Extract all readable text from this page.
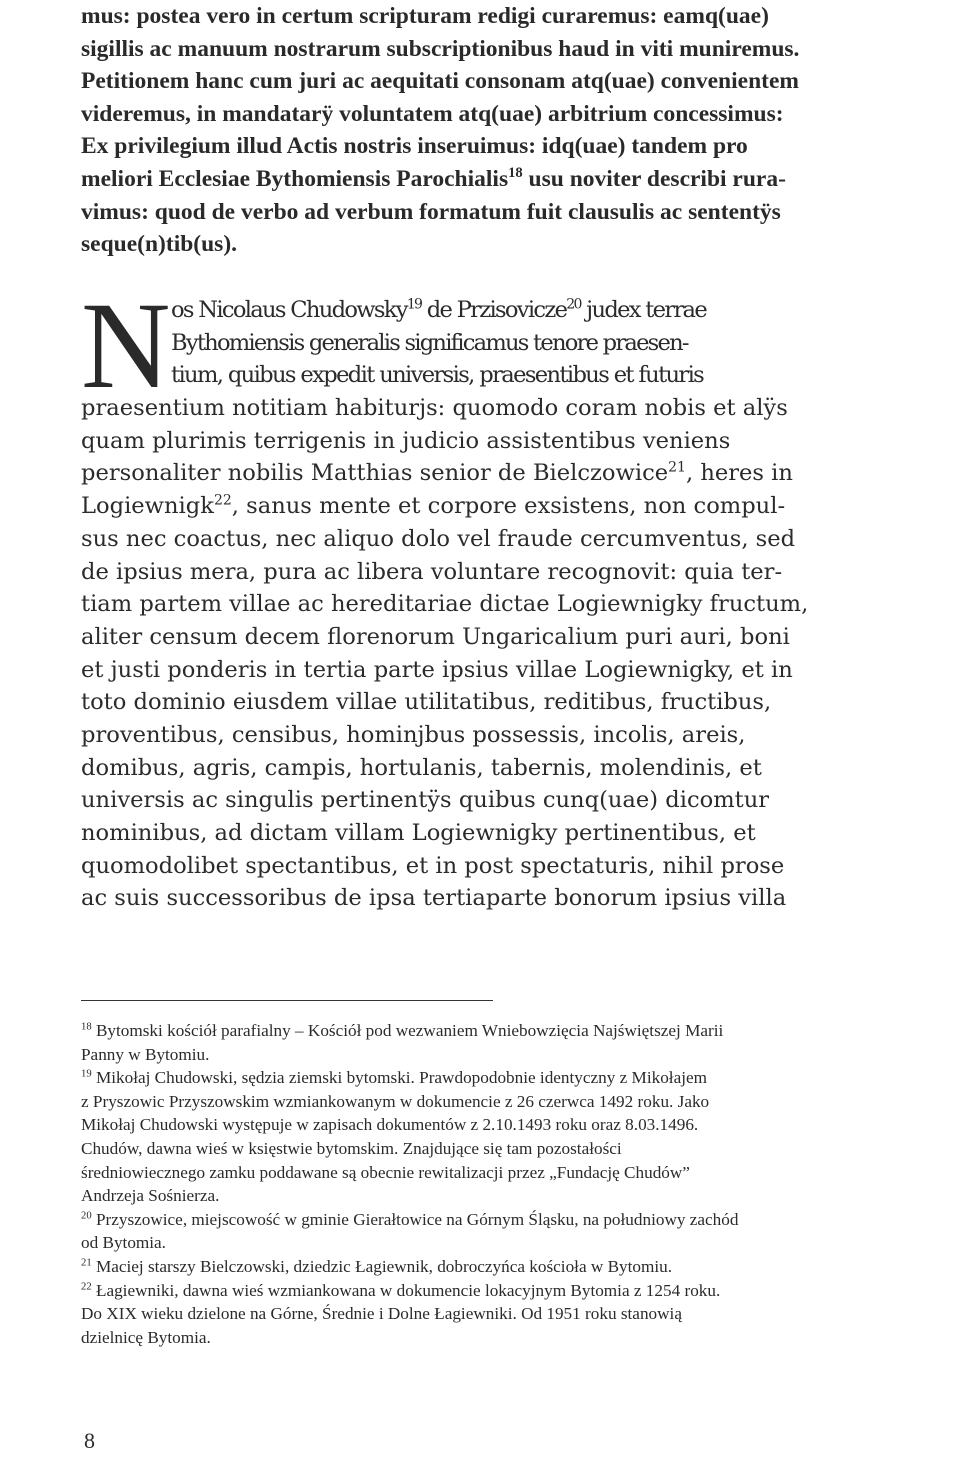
mus: postea vero in certum scripturam redigi curaremus: eamq(uae)
sigillis ac manuum nostrarum subscriptionibus haud in viti muniremus.
Petitionem hanc cum juri ac aequitati consonam atq(uae) convenientem
videremus, in mandatarÿ voluntatem atq(uae) arbitrium concessimus:
Ex privilegium illud Actis nostris inseruimus: idq(uae) tandem pro
meliori Ecclesiae Bythomiensis Parochialis$^{18}$ usu noviter describi rura-
vimus: quod de verbo ad verbum formatum fuit clausulis ac sententÿs
seque(n)tib(us).
N os Nicolaus Chudowsky$^{19}$ de Przisovicze$^{20}$ judex terrae
Bythomiensis generalis significamus tenore praesen-
tium, quibus expedit universis, praesentibus et futuris
praesentium notitiam habiturjs: quomodo coram nobis et alÿs
quam plurimis terrigenis in judicio assistentibus veniens
personaliter nobilis Matthias senior de Bielczowice$^{21}$, heres in
Logiewnigk$^{22}$, sanus mente et corpore exsistens, non compul-
sus nec coactus, nec aliquo dolo vel fraude cercumventus, sed
de ipsius mera, pura ac libera voluntare recognovit: quia ter-
tiam partem villae ac hereditariae dictae Logiewnigky fructum,
aliter censum decem florenorum Ungaricalium puri auri, boni
et justi ponderis in tertia parte ipsius villae Logiewnigky, et in
toto dominio eiusdem villae utilitatibus, reditibus, fructibus,
proventibus, censibus, hominjbus possessis, incolis, areis,
domibus, agris, campis, hortulanis, tabernis, molendinis, et
universis ac singulis pertinentÿs quibus cunq(uae) dicomtur
nominibus, ad dictam villam Logiewnigky pertinentibus, et
quomodolibet spectantibus, et in post spectaturis, nihil prose
ac suis successoribus de ipsa tertiaparte bonorum ipsius villa
$^{18}$ Bytomski kościół parafialny – Kościół pod wezwaniem Wniebowzięcia Najświętszej Marii
Panny w Bytomiu.
$^{19}$ Mikołaj Chudowski, sędzia ziemski bytomski. Prawdopodobnie identyczny z Mikołajem
z Pryszowic Przyszowskim wzmiankowanym w dokumencie z 26 czerwca 1492 roku. Jako
Mikołaj Chudowski występuje w zapisach dokumentów z 2.10.1493 roku oraz 8.03.1496.
Chudów, dawna wieś w księstwie bytomskim. Znajdujące się tam pozostałości
średniowiecznego zamku poddawane są obecnie rewitalizacji przez „Fundację Chudów”
Andrzeja Sośnierza.
$^{20}$ Przyszowice, miejscowość w gminie Gierałtowice na Górnym Śląsku, na południowy zachód
od Bytomia.
$^{21}$ Maciej starszy Bielczowski, dziedzic Łagiewnik, dobroczyńca kościoła w Bytomiu.
$^{22}$ Łagiewniki, dawna wieś wzmiankowana w dokumencie lokacyjnym Bytomia z 1254 roku.
Do XIX wieku dzielone na Górne, Średnie i Dolne Łagiewniki. Od 1951 roku stanowią
dzielnicę Bytomia.
8
